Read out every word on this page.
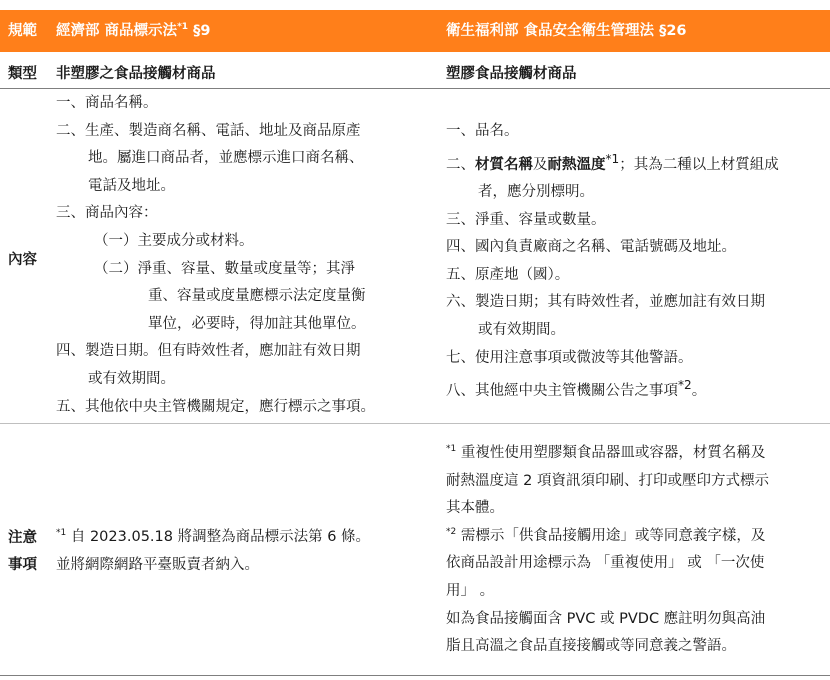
規範 經濟部 商品標示法$^{*1}$ §9	衛生福利部 食品安全衛生管理法 §26
類型 非塑膠之食品接觸材商品	塑膠食品接觸材商品
內容
一、商品名稱。
二、生產、製造商名稱、電話、地址及商品原產
地。屬進口商品者，並應標示進口商名稱、
電話及地址。
三、商品內容：
（一）主要成分或材料。
（二）淨重、容量、數量或度量等；其淨
重、容量或度量應標示法定度量衡
單位，必要時，得加註其他單位。
四、製造日期。但有時效性者，應加註有效日期
或有效期間。
五、其他依中央主管機關規定，應行標示之事項。
一、品名。
二、材質名稱及耐熱溫度$^{*1}$；其為二種以上材質組成
者，應分別標明。
三、淨重、容量或數量。
四、國內負責廠商之名稱、電話號碼及地址。
五、原產地（國）。
六、製造日期；其有時效性者，並應加註有效日期
或有效期間。
七、使用注意事項或微波等其他警語。
八、其他經中央主管機關公告之事項$^{*2}$。
注意
事項

$^{*1}$ 自 2023.05.18 將調整為商品標示法第 6 條。

並將網際網路平臺販賣者納入。

$^{*1}$ 重複性使用塑膠類食品器皿或容器，材質名稱及

耐熱溫度這 2 項資訊須印刷、打印或壓印方式標示

其本體。

$^{*2}$ 需標示「供食品接觸用途」或等同意義字樣，及

依商品設計用途標示為 「重複使用」 或 「一次使

用」 。

如為食品接觸面含 PVC 或 PVDC 應註明勿與高油

脂且高溫之食品直接接觸或等同意義之警語。
